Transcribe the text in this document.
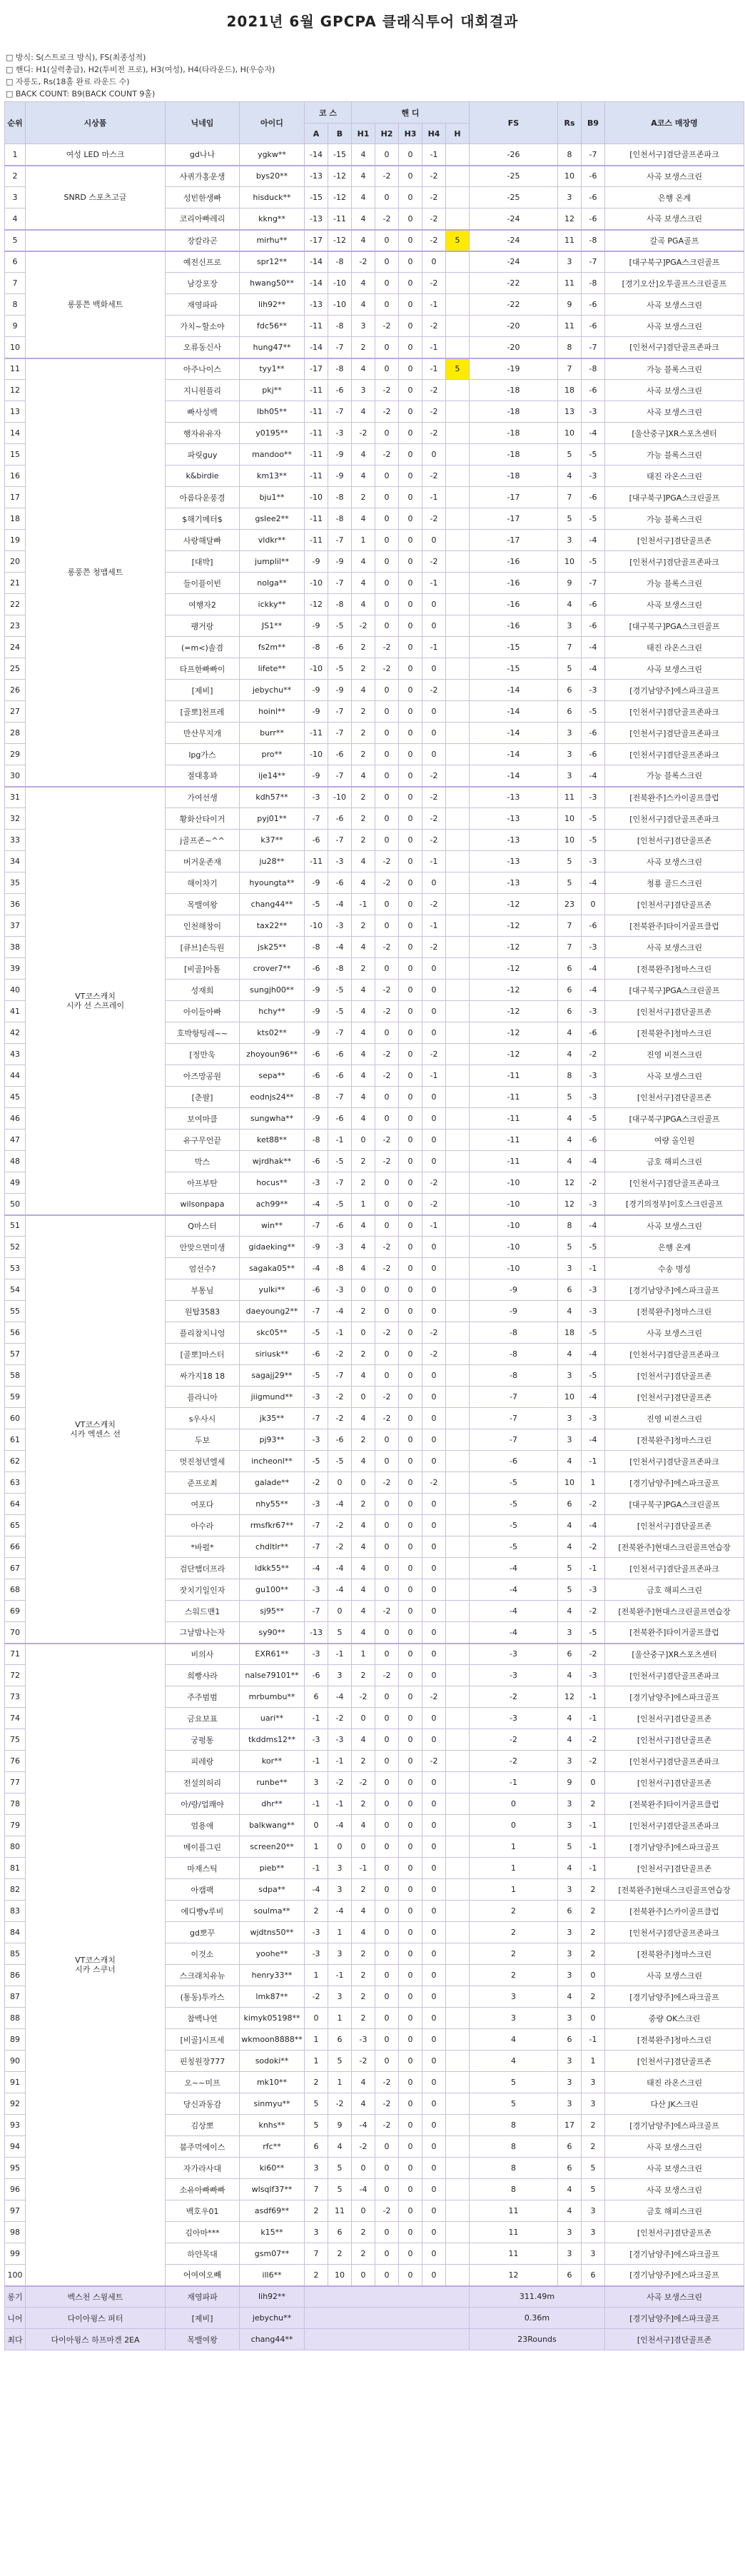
2021년 6월 GPCPA 클래식투어 대회결과
□ 방식: S(스트로크 방식), FS(최종성적)
□ 핸디: H1(실력총급), H2(투비전 프로), H3(여성), H4(타라운드), H(우승자)
□ 자릉도, Rs(18홀 완료 라운드 수)
□ BACK COUNT: B9(BACK COUNT 9홀)
순위	시상품	닉네임	아이디	코 스		핸 디					FS	Rs	B9	A코스 매장명
				A	B	H1	H2	H3	H4	H				
1	여성 LED 마스크	gd나나	ygkw**	-14	-15	4	0	0	-1		-26	8	-7	[인천서구]겸단골프존파크
2	SNRD 스포츠고글	샤퀴가홍운생	bys20**	-13	-12	4	-2	0	-2		-25	10	-6	사곡 보생스크린
3		성빈한생빠	hisduck**	-15	-12	4	0	0	-2		-25	3	-6	은행 온계
4		코리아빠레리	kkng**	-13	-11	4	-2	0	-2		-24	12	-6	사곡 보생스크린
5		장칼라곤	mirhu**	-17	-12	4	0	0	-2	5	-24	11	-8	갈곡 PGA골프
6	롱풍쯘 백화세트	예전신프로	spr12**	-14	-8	-2	0	0	0		-24	3	-7	[대구북구]PGA스크린골프
7		남강포장	hwang50**	-14	-10	4	0	0	-2		-22	11	-8	[경기오산]오투골프스크린골프
8		재영파파	lih92**	-13	-10	4	0	0	-1		-22	9	-6	사곡 보생스크린
9		가치~할소야	fdc56**	-11	-8	3	-2	0	-2		-20	11	-6	사곡 보생스크린
10		오류동신사	hung47**	-14	-7	2	0	0	-1		-20	8	-7	[인천서구]겸단골프존파크
11	롱풍쯘 청맵세트	아주나이스	tyy1**	-17	-8	4	0	0	-1	5	-19	7	-8	가능 블록스크린
12		지니원플리	pkj**	-11	-6	3	-2	0	-2		-18	18	-6	사곡 보생스크린
13		빠사성백	lbh05**	-11	-7	4	-2	0	-2		-18	13	-3	사곡 보생스크린
14		행자유유자	y0195**	-11	-3	-2	0	0	-2		-18	10	-4	[울산중구]XR스포츠센터
15		파릿guy	mandoo**	-11	-9	4	-2	0	0		-18	5	-5	가능 블록스크린
16		k&birdie	km13**	-11	-9	4	0	0	-2		-18	4	-3	태진 라온스크린
17		아름다운풍경	bju1**	-10	-8	2	0	0	-1		-17	7	-6	[대구북구]PGA스크린골프
18		$해기메터$	gslee2**	-11	-8	4	0	0	-2		-17	5	-5	가능 블록스크린
19		사랑해달빠	vldkr**	-11	-7	1	0	0	0		-17	3	-4	[인천서구]겸단골프존
20		[대박]	jumplil**	-9	-9	4	0	0	-2		-16	10	-5	[인천서구]겸단골프존파크
21		들이플이빈	nolga**	-10	-7	4	0	0	-1		-16	9	-7	가능 블록스크린
22		여행자2	ickky**	-12	-8	4	0	0	0		-16	4	-6	사곡 보생스크린
23		팽거랑	JS1**	-9	-5	-2	0	0	0		-16	3	-6	[대구북구]PGA스크린골프
24		(=m<)솔겸	fs2m**	-8	-6	2	-2	0	-1		-15	7	-4	태진 라온스크린
25		타프한빠빠이	lifete**	-10	-5	2	-2	0	0		-15	5	-4	사곡 보생스크린
26		[제비]	jebychu**	-9	-9	4	0	0	-2		-14	6	-3	[경기남양주]에스파크골프
27		[골뽀]천프레	hoinl**	-9	-7	2	0	0	0		-14	6	-5	[인천서구]겸단골프존파크
28		만산무지개	burr**	-11	-7	2	0	0	0		-14	3	-6	[인천서구]겸단골프존파크
29		lpg가스	pro**	-10	-6	2	0	0	0		-14	3	-6	[인천서구]겸단골프존파크
30		절대홍꽈	ije14**	-9	-7	4	0	0	-2		-14	3	-4	가능 블록스크린
31	VT코스캐치
시카 선 스프레이	가여선생	kdh57**	-3	-10	2	0	0	-2		-13	11	-3	[전북완주]스카이골프클럽
32		황화산타이거	pyj01**	-7	-6	2	0	0	-2		-13	10	-5	[인천서구]겸단골프존파크
33		j골프존~^^	k37**	-6	-7	2	0	0	-2		-13	10	-5	[인천서구]겸단골프존
34		버거운존재	ju28**	-11	-3	4	-2	0	-1		-13	5	-3	사곡 보생스크린
35		해이차기	hyoungta**	-9	-6	4	-2	0	0		-13	5	-4	청룡 골드스크린
36		목밸여왕	chang44**	-5	-4	-1	0	0	-2		-12	23	0	[인천서구]겸단골프존
37		인천해창이	tax22**	-10	-3	2	0	0	-1		-12	7	-6	[전북완주]타이거골프클럽
38		[큐브]손득원	jsk25**	-8	-4	4	-2	0	-2		-12	7	-3	사곡 보생스크린
39		[비골]아톰	crover7**	-6	-8	2	0	0	0		-12	6	-4	[전북완주]청마스크린
40		성재희	sungjh00**	-9	-5	4	-2	0	0		-12	6	-4	[대구북구]PGA스크린골프
41		아이들아빠	hchy**	-9	-5	4	-2	0	0		-12	6	-3	[인천서구]겸단골프존
42		호박항팅레~~	kts02**	-9	-7	4	0	0	0		-12	4	-6	[전북완주]청마스크린
43		[정만욱	zhoyoun96**	-6	-6	4	-2	0	-2		-12	4	-2	진영 비젼스크린
44		아즈망공원	sepa**	-6	-6	4	-2	0	-1		-11	8	-3	사곡 보생스크린
45		[춘팔]	eodnjs24**	-8	-7	4	0	0	0		-11	5	-3	[인천서구]겸단골프존
46		보여마클	sungwha**	-9	-6	4	0	0	0		-11	4	-5	[대구북구]PGA스크린골프
47		유구무언끝	ket88**	-8	-1	0	-2	0	0		-11	4	-6	여량 올인원
48		막스	wjrdhak**	-6	-5	2	-2	0	0		-11	4	-4	금호 해피스크린
49		아프부탄	hocus**	-3	-7	2	0	0	-2		-10	12	-2	[인천서구]겸단골프존파크
50		wilsonpapa	ach99**	-4	-5	1	0	0	-2		-10	12	-3	[경기의정부]이호스크린골프
51	VT코스캐치
시카 엑센스 선	Q마스터	win**	-7	-6	4	0	0	-1		-10	8	-4	사곡 보생스크린
52		안맞으면미생	gidaeking**	-9	-3	4	-2	0	0		-10	5	-5	은행 온계
53		엄선수?	sagaka05**	-4	-8	4	-2	0	0		-10	3	-1	수송 명성
54		부통님	yulki**	-6	-3	0	0	0	0		-9	6	-3	[경기남양주]에스파크골프
55		원탑3583	daeyoung2**	-7	-4	2	0	0	0		-9	4	-3	[전북완주]청마스크린
56		플리참치니엉	skc05**	-5	-1	0	-2	0	-2		-8	18	-5	사곡 보생스크린
57		[골뽀]마스터	siriusk**	-6	-2	2	0	0	-2		-8	4	-4	[인천서구]겸단골프존파크
58		싸가지18 18	sagajj29**	-5	-7	4	0	0	0		-8	3	-5	[인천서구]겸단골프존
59		플라니아	jiigmund**	-3	-2	0	-2	0	0		-7	10	-4	[인천서구]겸단골프존
60		s우사시	jk35**	-7	-2	4	-2	0	0		-7	3	-3	진영 비젼스크린
61		두보	pj93**	-3	-6	2	0	0	0		-7	3	-4	[전북완주]청마스크린
62		멋진청년엘세	incheonl**	-5	-5	4	0	0	0		-6	4	-1	[인천서구]겸단골프존파크
63		준프로최	galade**	-2	0	0	-2	0	-2		-5	10	1	[경기남양주]에스파크골프
64		여포다	nhy55**	-3	-4	2	0	0	0		-5	6	-2	[대구북구]PGA스크린골프
65		아수라	rmsfkr67**	-7	-2	4	0	0	0		-5	4	-4	[인천서구]겸단골프존
66		*바펄*	chdltlr**	-7	-2	4	0	0	0		-5	4	-2	[전북완주]현대스크린골프연습장
67		검단햄더프라	ldkk55**	-4	-4	4	0	0	0		-4	5	-1	[인천서구]겸단골프존파크
68		잣치기일인자	gu100**	-3	-4	4	0	0	0		-4	5	-3	금호 해피스크린
69		스워드맨1	sj95**	-7	0	4	-2	0	0		-4	4	-2	[전북완주]현대스크린골프연습장
70		그날밤나는자	sy90**	-13	5	4	0	0	0		-4	3	-5	[전북완주]타이거골프클럽
71	VT코스캐치
시카 스쿠너	비의사	EXR61**	-3	-1	1	0	0	0		-3	6	-2	[울산중구]XR스포츠센터
72		희빵사라	nalse79101**	-6	3	2	-2	0	0		-3	4	-3	[인천서구]겸단골프존파크
73		주주범범	mrbumbu**	6	-4	-2	0	0	-2		-2	12	-1	[경기남양주]에스파크골프
74		금요보표	uari**	-1	-2	0	0	0	0		-3	4	-1	[인천서구]겸단골프존
75		궁펑통	tkddms12**	-3	-3	4	0	0	0		-2	4	-2	[인천서구]겸단골프존
76		피레랑	kor**	-1	-1	2	0	0	-2		-2	3	-2	[인천서구]겸단골프존파크
77		전설의허리	runbe**	3	-2	-2	0	0	0		-1	9	0	[인천서구]겸단골프존
78		아/랑/업쾌야	dhr**	-1	-1	2	0	0	0		0	3	2	[전북완주]타이거골프클럽
79		엄용애	balkwang**	0	-4	4	0	0	0		0	3	-1	[인천서구]겸단골프존파크
80		메이플그린	screen20**	1	0	0	0	0	0		1	5	-1	[경기남양주]에스파크골프
81		마재스틱	pieb**	-1	3	-1	0	0	0		1	4	-1	[인천서구]겸단골프존
82		아캠팩	sdpa**	-4	3	2	0	0	0		1	3	2	[전북완주]현대스크린골프연습장
83		에디빵v루비	soulma**	2	-4	4	0	0	0		2	6	2	[전북완주]스카이골프클럽
84		gd뽀꾸	wjdtns50**	-3	1	4	0	0	0		2	3	2	[인천서구]겸단골프존파크
85		이것소	yoohe**	-3	3	2	0	0	0		2	3	2	[전북완주]청마스크린
86		스크래치유뉴	henry33**	1	-1	2	0	0	0		2	3	0	사곡 보생스크린
87		(통동)투카스	lmk87**	-2	3	2	0	0	0		3	4	2	[경기남양주]에스파크골프
88		참백나연	kimyk05198**	0	1	2	0	0	0		3	3	0	중량 OK스크린
89		[비골]시프세	wkmoon8888**	1	6	-3	0	0	0		4	6	-1	[전북완주]청마스크린
90		핀칭원장777	sodoki**	1	5	-2	0	0	0		4	3	1	[인천서구]겸단골프존
91		오~~미프	mk10**	2	1	4	-2	0	0		5	3	3	태진 라온스크린
92		당신과동감	sinmyu**	5	-2	4	-2	0	0		5	3	3	다산 JK스크린
93		김상뽀	knhs**	5	9	-4	-2	0	0		8	17	2	[경기남양주]에스파크골프
94		붐주먹에이스	rfc**	6	4	-2	0	0	0		8	6	2	사곡 보생스크린
95		자가라사대	ki60**	3	5	0	0	0	0		8	6	5	사곡 보생스크린
96		소유아빠빠빠	wlsqlf37**	7	5	-4	0	0	0		8	4	5	사곡 보생스크린
97		백호우01	asdf69**	2	11	0	-2	0	0		11	4	3	금호 해피스크린
98		김아마***	k15**	3	6	2	0	0	0		11	3	3	[인천서구]겸단골프존
99		하얀목대	gsm07**	7	2	2	0	0	0		11	3	3	[경기남양주]에스파크골프
100		어여여오빼	ill6**	2	10	0	0	0	0		12	6	6	[경기남양주]에스파크골프
롱기	벡스천 스윙세트	재영파파	lih92**								311.49m			사곡 보생스크린
니어	다이아윙스 퍼터	[제비]	jebychu**								0.36m			[경기남양주]에스파크골프
최다	다이아윙스 하프마겐 2EA	목밸여왕	chang44**								23Rounds			[인천서구]겸단골프존
